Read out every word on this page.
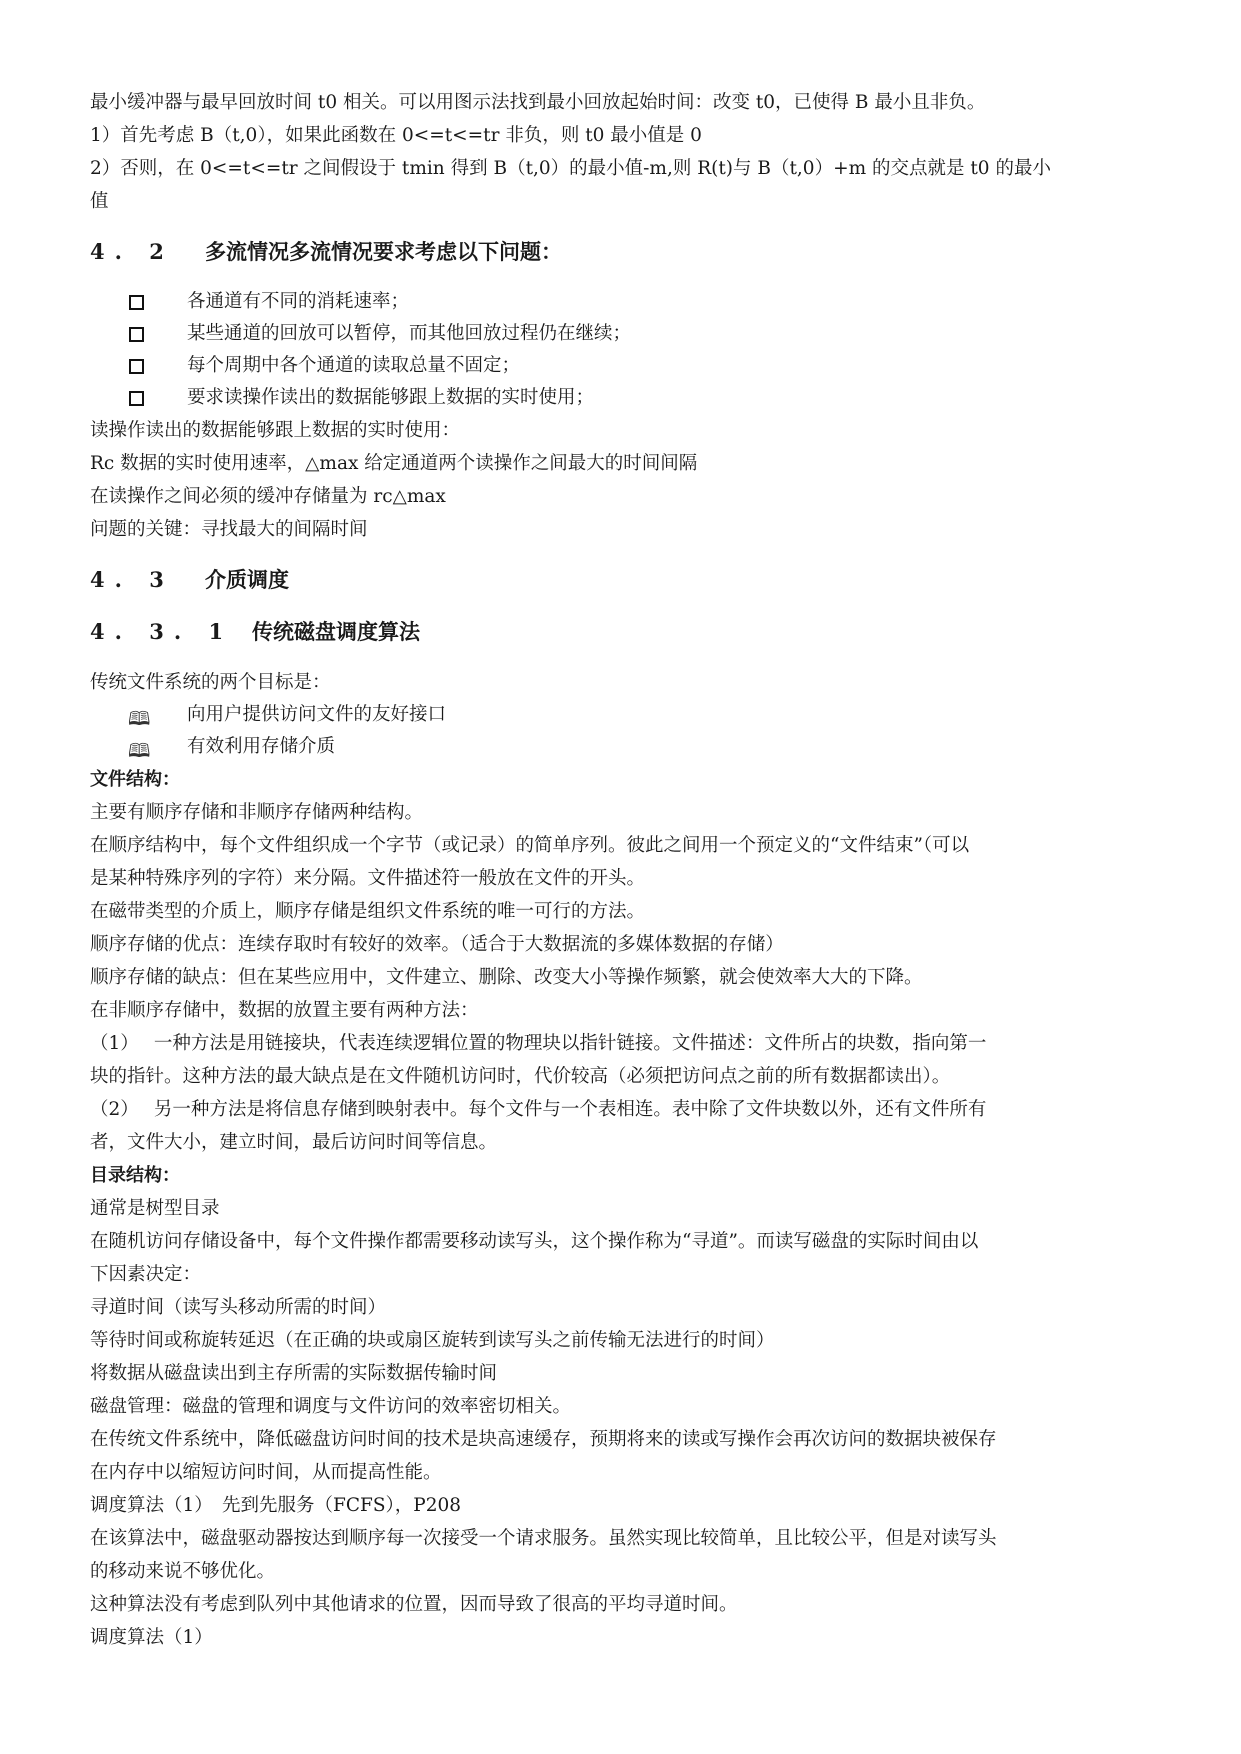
最小缓冲器与最早回放时间 t0 相关。可以用图示法找到最小回放起始时间：改变 t0，已使得 B 最小且非负。

1）首先考虑 B（t,0），如果此函数在 0<=t<=tr 非负，则 t0 最小值是 0

2）否则，在 0<=t<=tr 之间假设于 tmin 得到 B（t,0）的最小值-m,则 R(t)与 B（t,0）+m 的交点就是 t0 的最小

值

4. 2 多流情况多流情况要求考虑以下问题：
各通道有不同的消耗速率；
某些通道的回放可以暂停，而其他回放过程仍在继续；
每个周期中各个通道的读取总量不固定；
要求读操作读出的数据能够跟上数据的实时使用；

读操作读出的数据能够跟上数据的实时使用：

Rc 数据的实时使用速率，△max 给定通道两个读操作之间最大的时间间隔

在读操作之间必须的缓冲存储量为 rc△max

问题的关键：寻找最大的间隔时间

4. 3 介质调度
4. 3. 1 传统磁盘调度算法

传统文件系统的两个目标是：

🕮 向用户提供访问文件的友好接口
🕮 有效利用存储介质

文件结构：

主要有顺序存储和非顺序存储两种结构。

在顺序结构中，每个文件组织成一个字节（或记录）的简单序列。彼此之间用一个预定义的“文件结束”（可以

是某种特殊序列的字符）来分隔。文件描述符一般放在文件的开头。

在磁带类型的介质上，顺序存储是组织文件系统的唯一可行的方法。

顺序存储的优点：连续存取时有较好的效率。（适合于大数据流的多媒体数据的存储）

顺序存储的缺点：但在某些应用中，文件建立、删除、改变大小等操作频繁，就会使效率大大的下降。

在非顺序存储中，数据的放置主要有两种方法：

（1）　 一种方法是用链接块，代表连续逻辑位置的物理块以指针链接。文件描述：文件所占的块数，指向第一

块的指针。这种方法的最大缺点是在文件随机访问时，代价较高（必须把访问点之前的所有数据都读出）。

（2）　 另一种方法是将信息存储到映射表中。每个文件与一个表相连。表中除了文件块数以外，还有文件所有

者，文件大小，建立时间，最后访问时间等信息。

目录结构：

通常是树型目录

在随机访问存储设备中，每个文件操作都需要移动读写头，这个操作称为“寻道”。而读写磁盘的实际时间由以

下因素决定：

寻道时间（读写头移动所需的时间）

等待时间或称旋转延迟（在正确的块或扇区旋转到读写头之前传输无法进行的时间）

将数据从磁盘读出到主存所需的实际数据传输时间

磁盘管理：磁盘的管理和调度与文件访问的效率密切相关。

在传统文件系统中，降低磁盘访问时间的技术是块高速缓存，预期将来的读或写操作会再次访问的数据块被保存

在内存中以缩短访问时间，从而提高性能。

调度算法（1）　先到先服务（FCFS），P208

在该算法中，磁盘驱动器按达到顺序每一次接受一个请求服务。虽然实现比较简单，且比较公平，但是对读写头

的移动来说不够优化。

这种算法没有考虑到队列中其他请求的位置，因而导致了很高的平均寻道时间。

调度算法（1）
